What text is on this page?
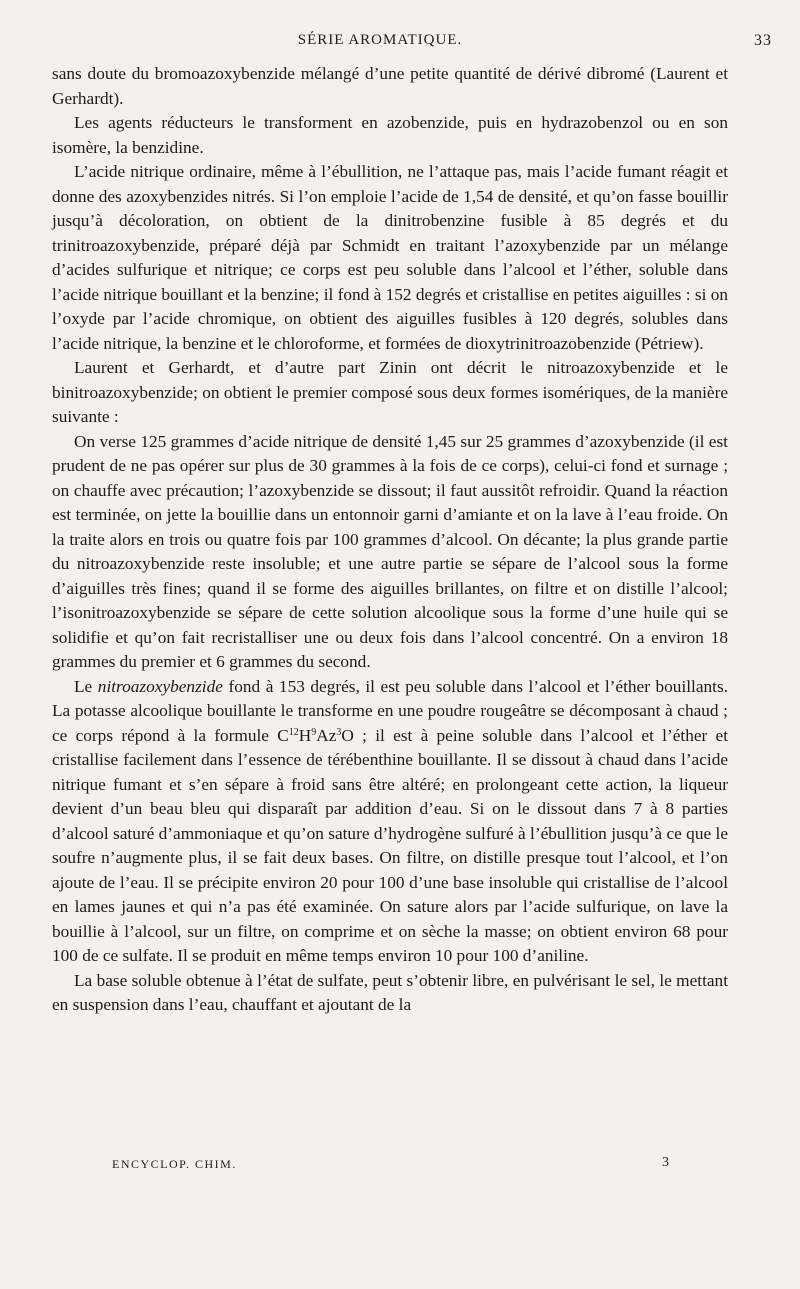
SÉRIE AROMATIQUE.	33

sans doute du bromoazoxybenzide mélangé d’une petite quantité de dérivé dibromé (Laurent et Gerhardt).

Les agents réducteurs le transforment en azobenzide, puis en hydrazobenzol ou en son isomère, la benzidine.

L’acide nitrique ordinaire, même à l’ébullition, ne l’attaque pas, mais l’acide fumant réagit et donne des azoxybenzides nitrés. Si l’on emploie l’acide de 1,54 de densité, et qu’on fasse bouillir jusqu’à décoloration, on obtient de la dinitrobenzine fusible à 85 degrés et du trinitroazoxybenzide, préparé déjà par Schmidt en traitant l’azoxybenzide par un mélange d’acides sulfurique et nitrique; ce corps est peu soluble dans l’alcool et l’éther, soluble dans l’acide nitrique bouillant et la benzine; il fond à 152 degrés et cristallise en petites aiguilles : si on l’oxyde par l’acide chromique, on obtient des aiguilles fusibles à 120 degrés, solubles dans l’acide nitrique, la benzine et le chloroforme, et formées de dioxytrinitroazobenzide (Pétriew).

Laurent et Gerhardt, et d’autre part Zinin ont décrit le nitroazoxybenzide et le binitroazoxybenzide; on obtient le premier composé sous deux formes isomériques, de la manière suivante :

On verse 125 grammes d’acide nitrique de densité 1,45 sur 25 grammes d’azoxybenzide (il est prudent de ne pas opérer sur plus de 30 grammes à la fois de ce corps), celui-ci fond et surnage ; on chauffe avec précaution; l’azoxybenzide se dissout; il faut aussitôt refroidir. Quand la réaction est terminée, on jette la bouillie dans un entonnoir garni d’amiante et on la lave à l’eau froide. On la traite alors en trois ou quatre fois par 100 grammes d’alcool. On décante; la plus grande partie du nitroazoxybenzide reste insoluble; et une autre partie se sépare de l’alcool sous la forme d’aiguilles très fines; quand il se forme des aiguilles brillantes, on filtre et on distille l’alcool; l’isonitroazoxybenzide se sépare de cette solution alcoolique sous la forme d’une huile qui se solidifie et qu’on fait recristalliser une ou deux fois dans l’alcool concentré. On a environ 18 grammes du premier et 6 grammes du second.

Le nitroazoxybenzide fond à 153 degrés, il est peu soluble dans l’alcool et l’éther bouillants. La potasse alcoolique bouillante le transforme en une poudre rougeâtre se décomposant à chaud ; ce corps répond à la formule $C^{12}H^9Az^3O$ ; il est à peine soluble dans l’alcool et l’éther et cristallise facilement dans l’essence de térébenthine bouillante. Il se dissout à chaud dans l’acide nitrique fumant et s’en sépare à froid sans être altéré; en prolongeant cette action, la liqueur devient d’un beau bleu qui disparaît par addition d’eau. Si on le dissout dans 7 à 8 parties d’alcool saturé d’ammoniaque et qu’on sature d’hydrogène sulfuré à l’ébullition jusqu’à ce que le soufre n’augmente plus, il se fait deux bases. On filtre, on distille presque tout l’alcool, et l’on ajoute de l’eau. Il se précipite environ 20 pour 100 d’une base insoluble qui cristallise de l’alcool en lames jaunes et qui n’a pas été examinée. On sature alors par l’acide sulfurique, on lave la bouillie à l’alcool, sur un filtre, on comprime et on sèche la masse; on obtient environ 68 pour 100 de ce sulfate. Il se produit en même temps environ 10 pour 100 d’aniline.

La base soluble obtenue à l’état de sulfate, peut s’obtenir libre, en pulvérisant le sel, le mettant en suspension dans l’eau, chauffant et ajoutant de la

ENCYCLOP. CHIM.	3
